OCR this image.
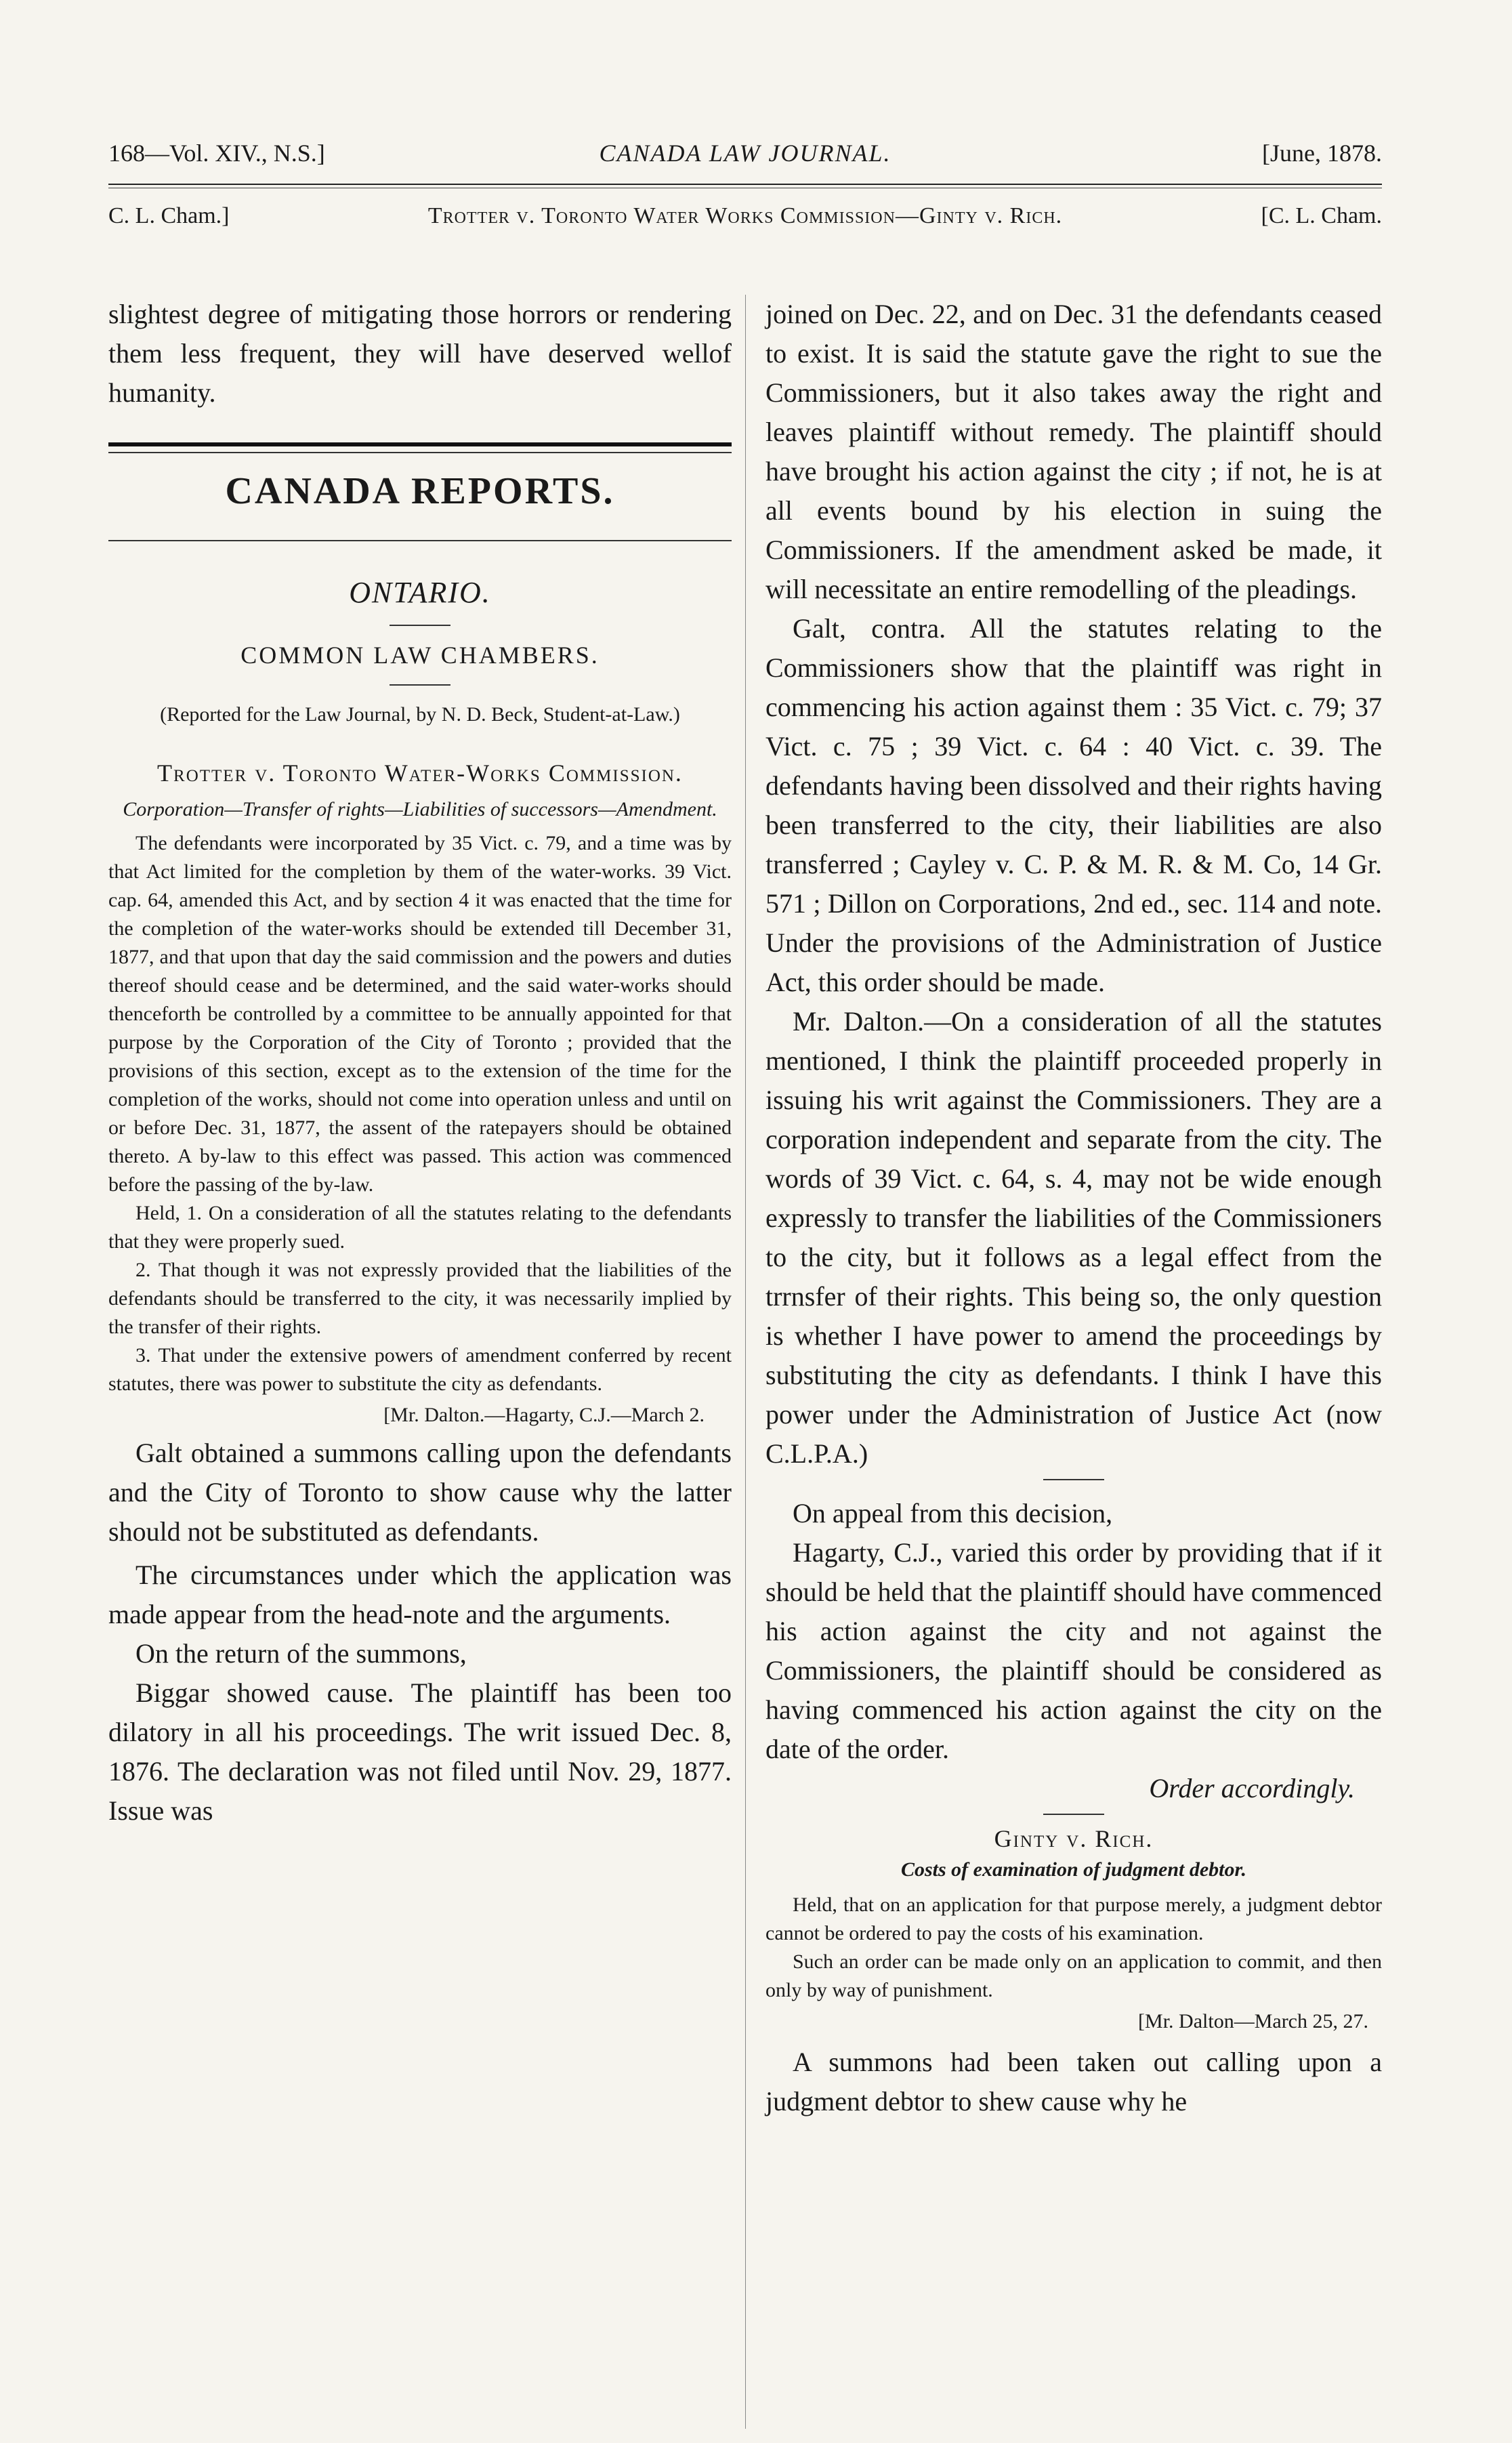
168—Vol. XIV., N.S.]	CANADA LAW JOURNAL.	[June, 1878.
C. L. Cham.]	Trotter v. Toronto Water Works Commission—Ginty v. Rich.	[C. L. Cham.

slightest degree of mitigating those horrors or rendering them less frequent, they will have deserved wellof humanity.

CANADA REPORTS.
ONTARIO.
COMMON LAW CHAMBERS.

(Reported for the Law Journal, by N. D. Beck, Student-at-Law.)

Trotter v. Toronto Water-Works Commission.
Corporation—Transfer of rights—Liabilities of successors—Amendment.

The defendants were incorporated by 35 Vict. c. 79, and a time was by that Act limited for the completion by them of the water-works. 39 Vict. cap. 64, amended this Act, and by section 4 it was enacted that the time for the completion of the water-works should be extended till December 31, 1877, and that upon that day the said commission and the powers and duties thereof should cease and be determined, and the said water-works should thenceforth be controlled by a committee to be annually appointed for that purpose by the Corporation of the City of Toronto ; provided that the provisions of this section, except as to the extension of the time for the completion of the works, should not come into operation unless and until on or before Dec. 31, 1877, the assent of the ratepayers should be obtained thereto. A by-law to this effect was passed. This action was commenced before the passing of the by-law.

Held, 1. On a consideration of all the statutes relating to the defendants that they were properly sued.

2. That though it was not expressly provided that the liabilities of the defendants should be transferred to the city, it was necessarily implied by the transfer of their rights.

3. That under the extensive powers of amendment conferred by recent statutes, there was power to substitute the city as defendants.

[Mr. Dalton.—Hagarty, C.J.—March 2.

Galt obtained a summons calling upon the defendants and the City of Toronto to show cause why the latter should not be substituted as defendants.

The circumstances under which the application was made appear from the head-note and the arguments.

On the return of the summons,

Biggar showed cause. The plaintiff has been too dilatory in all his proceedings. The writ issued Dec. 8, 1876. The declaration was not filed until Nov. 29, 1877. Issue was

joined on Dec. 22, and on Dec. 31 the defendants ceased to exist. It is said the statute gave the right to sue the Commissioners, but it also takes away the right and leaves plaintiff without remedy. The plaintiff should have brought his action against the city ; if not, he is at all events bound by his election in suing the Commissioners. If the amendment asked be made, it will necessitate an entire remodelling of the pleadings.

Galt, contra. All the statutes relating to the Commissioners show that the plaintiff was right in commencing his action against them : 35 Vict. c. 79; 37 Vict. c. 75 ; 39 Vict. c. 64 : 40 Vict. c. 39. The defendants having been dissolved and their rights having been transferred to the city, their liabilities are also transferred ; Cayley v. C. P. & M. R. & M. Co, 14 Gr. 571 ; Dillon on Corporations, 2nd ed., sec. 114 and note. Under the provisions of the Administration of Justice Act, this order should be made.

Mr. Dalton.—On a consideration of all the statutes mentioned, I think the plaintiff proceeded properly in issuing his writ against the Commissioners. They are a corporation independent and separate from the city. The words of 39 Vict. c. 64, s. 4, may not be wide enough expressly to transfer the liabilities of the Commissioners to the city, but it follows as a legal effect from the trrnsfer of their rights. This being so, the only question is whether I have power to amend the proceedings by substituting the city as defendants. I think I have this power under the Administration of Justice Act (now C.L.P.A.)

On appeal from this decision,

Hagarty, C.J., varied this order by providing that if it should be held that the plaintiff should have commenced his action against the city and not against the Commissioners, the plaintiff should be considered as having commenced his action against the city on the date of the order.

Order accordingly.

Ginty v. Rich.
Costs of examination of judgment debtor.

Held, that on an application for that purpose merely, a judgment debtor cannot be ordered to pay the costs of his examination.

Such an order can be made only on an application to commit, and then only by way of punishment.

[Mr. Dalton—March 25, 27.

A summons had been taken out calling upon a judgment debtor to shew cause why he
